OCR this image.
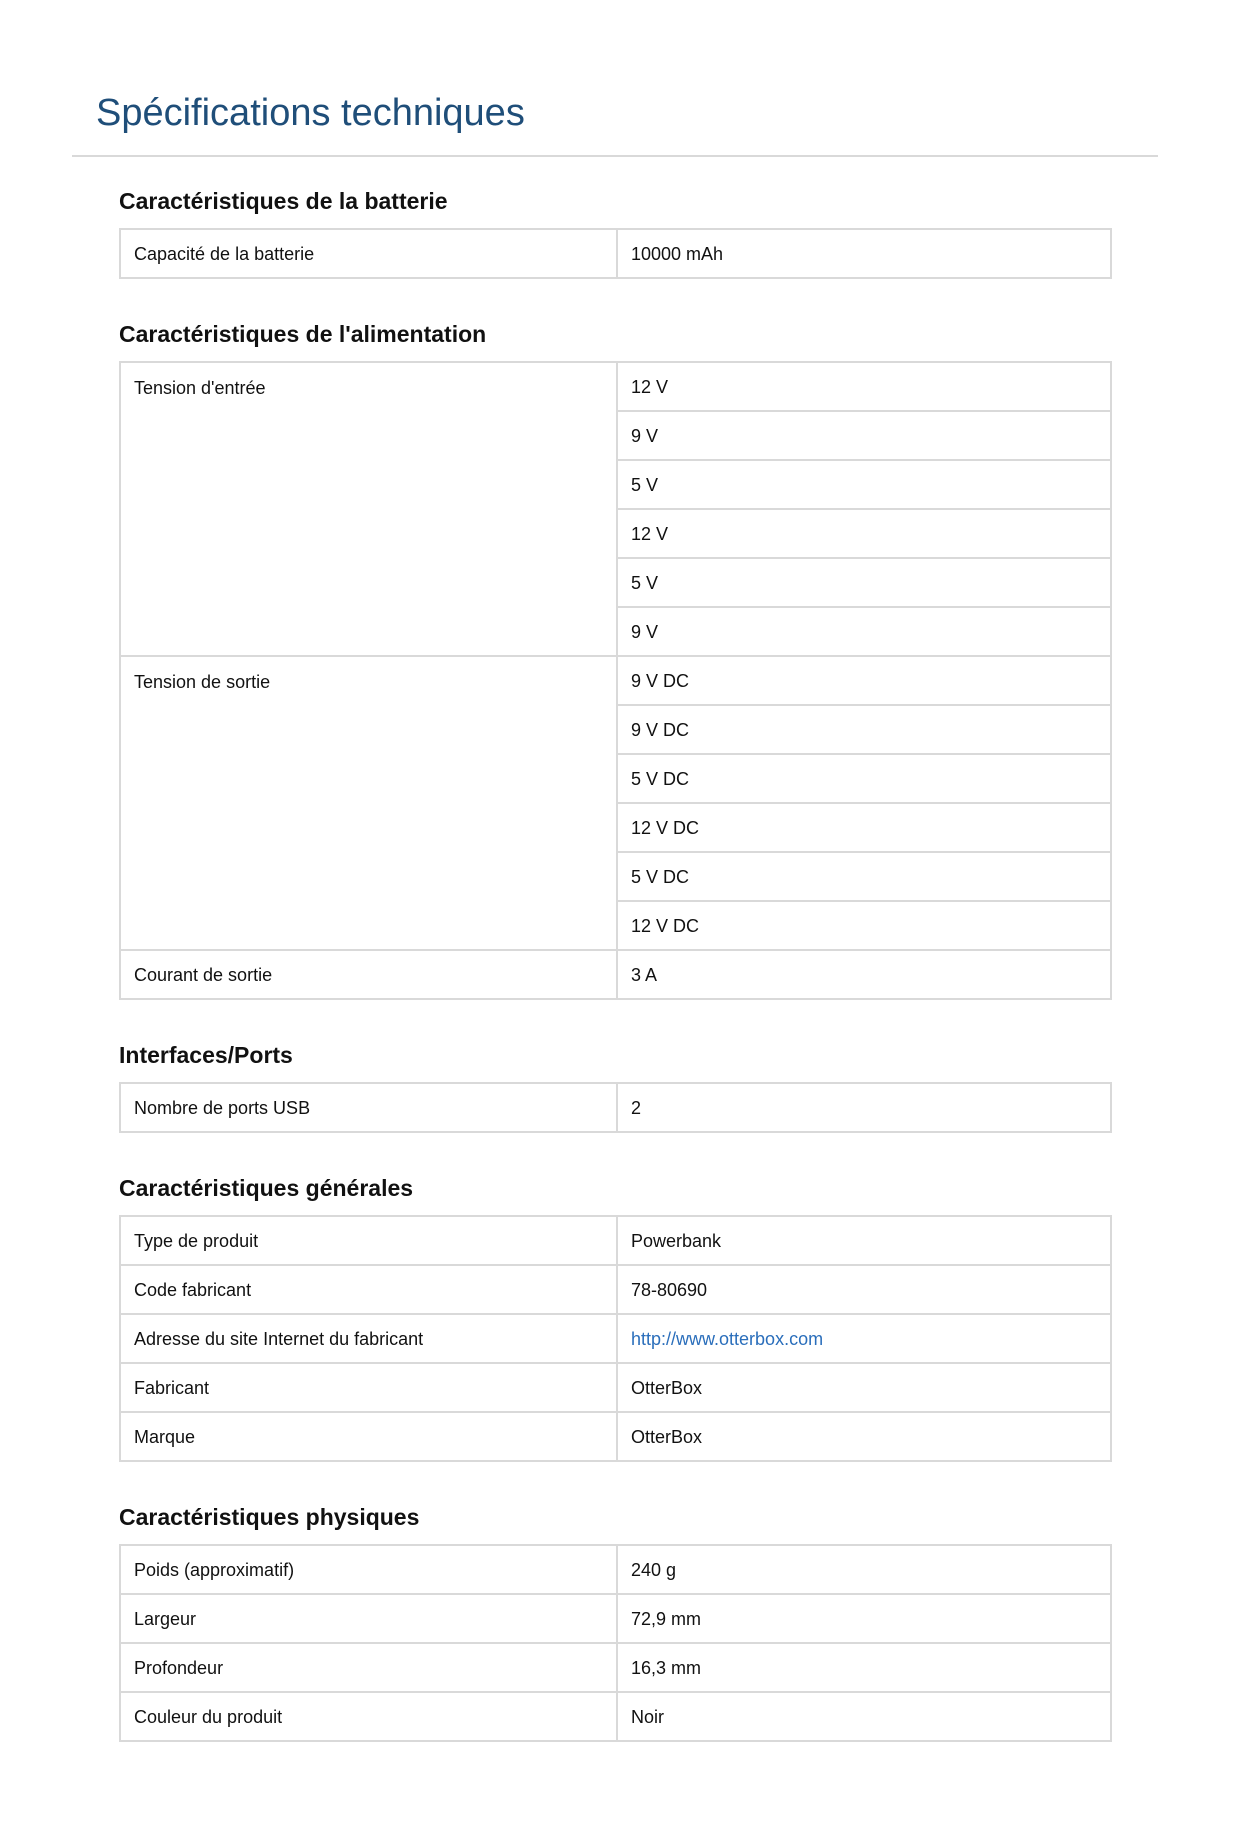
Spécifications techniques
Caractéristiques de la batterie
Capacité de la batterie	10000 mAh
Caractéristiques de l'alimentation
Tension d'entrée	12 V
	9 V
	5 V
	12 V
	5 V
	9 V
Tension de sortie	9 V DC
	9 V DC
	5 V DC
	12 V DC
	5 V DC
	12 V DC
Courant de sortie	3 A
Interfaces/Ports
Nombre de ports USB	2
Caractéristiques générales
Type de produit	Powerbank
Code fabricant	78-80690
Adresse du site Internet du fabricant	http://www.otterbox.com
Fabricant	OtterBox
Marque	OtterBox
Caractéristiques physiques
Poids (approximatif)	240 g
Largeur	72,9 mm
Profondeur	16,3 mm
Couleur du produit	Noir
